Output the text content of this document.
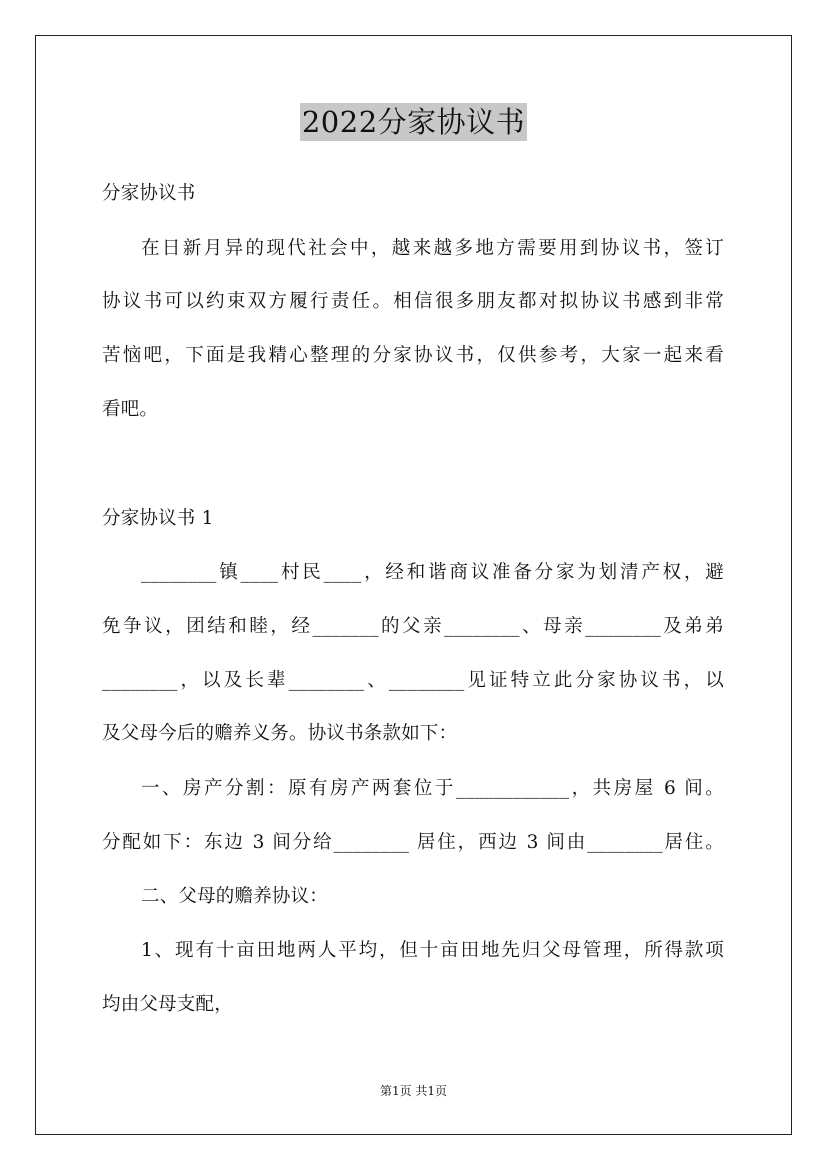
2022分家协议书
分家协议书
在日新月异的现代社会中，越来越多地方需要用到协议书，签订
协议书可以约束双方履行责任。相信很多朋友都对拟协议书感到非常
苦恼吧，下面是我精心整理的分家协议书，仅供参考，大家一起来看
看吧。
分家协议书 1
________镇____村民____，经和谐商议准备分家为划清产权，避
免争议，团结和睦，经_______的父亲________、母亲________及弟弟
________，以及长辈________、________见证特立此分家协议书，以
及父母今后的赡养义务。协议书条款如下：
一、房产分割：原有房产两套位于____________，共房屋 6 间。
分配如下：东边 3 间分给________ 居住，西边 3 间由________居住。
二、父母的赡养协议：
1、现有十亩田地两人平均，但十亩田地先归父母管理，所得款项
均由父母支配，
第1页 共1页
